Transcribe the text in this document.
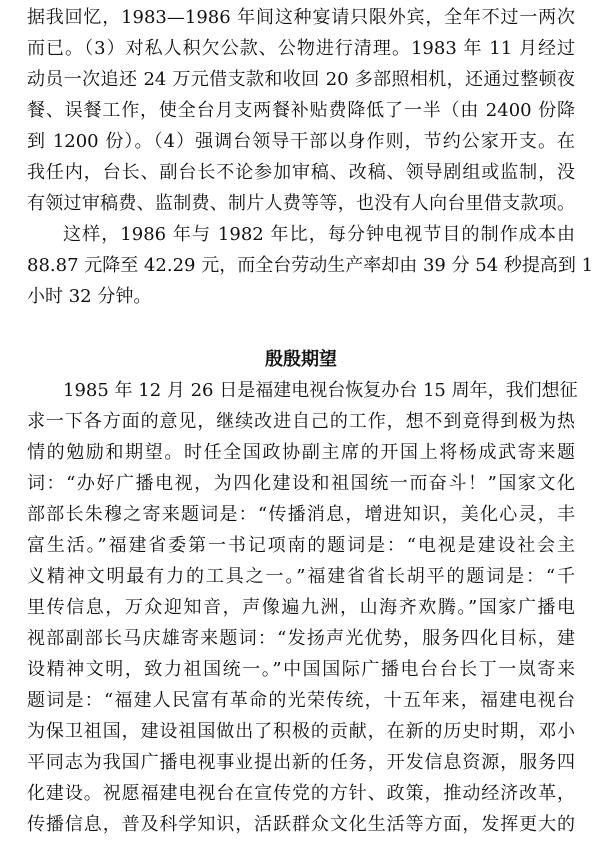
据我回忆，1983—1986 年间这种宴请只限外宾，全年不过一两次
而已。（3）对私人积欠公款、公物进行清理。1983 年 11 月经过
动员一次追还 24 万元借支款和收回 20 多部照相机，还通过整顿夜
餐、误餐工作，使全台月支两餐补贴费降低了一半（由 2400 份降
到 1200 份）。（4）强调台领导干部以身作则，节约公家开支。在
我任内，台长、副台长不论参加审稿、改稿、领导剧组或监制，没
有领过审稿费、监制费、制片人费等等，也没有人向台里借支款项。
这样，1986 年与 1982 年比，每分钟电视节目的制作成本由
88.87 元降至 42.29 元，而全台劳动生产率却由 39 分 54 秒提高到 1
小时 32 分钟。
殷殷期望
1985 年 12 月 26 日是福建电视台恢复办台 15 周年，我们想征
求一下各方面的意见，继续改进自己的工作，想不到竟得到极为热
情的勉励和期望。时任全国政协副主席的开国上将杨成武寄来题
词：“办好广播电视，为四化建设和祖国统一而奋斗！”国家文化
部部长朱穆之寄来题词是：“传播消息，增进知识，美化心灵，丰
富生活。”福建省委第一书记项南的题词是：“电视是建设社会主
义精神文明最有力的工具之一。”福建省省长胡平的题词是：“千
里传信息，万众迎知音，声像遍九洲，山海齐欢腾。”国家广播电
视部副部长马庆雄寄来题词：“发扬声光优势，服务四化目标，建
设精神文明，致力祖国统一。”中国国际广播电台台长丁一岚寄来
题词是：“福建人民富有革命的光荣传统，十五年来，福建电视台
为保卫祖国，建设祖国做出了积极的贡献，在新的历史时期，邓小
平同志为我国广播电视事业提出新的任务，开发信息资源，服务四
化建设。祝愿福建电视台在宣传党的方针、政策，推动经济改革，
传播信息，普及科学知识，活跃群众文化生活等方面，发挥更大的
